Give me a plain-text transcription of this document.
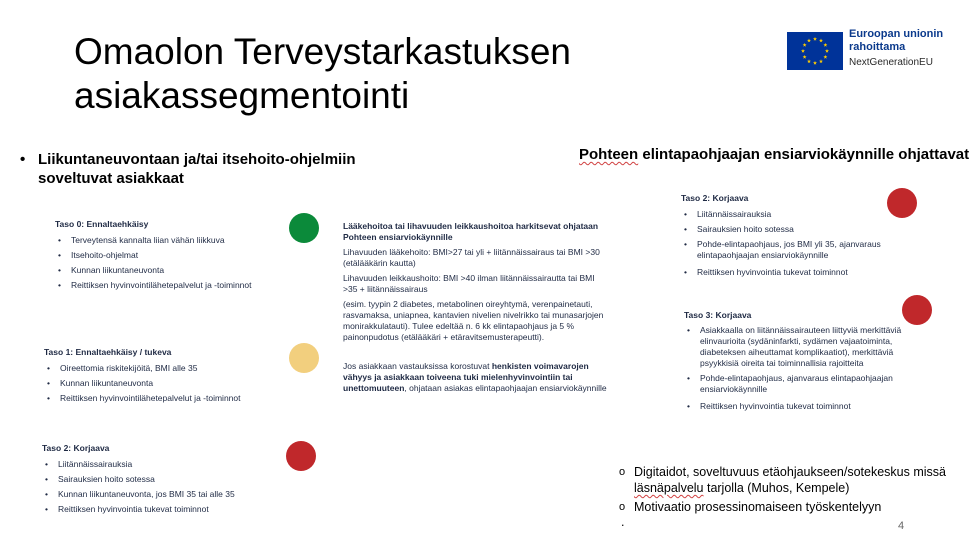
Omaolon Terveystarkastuksen
asiakassegmentointi
Euroopan unionin
rahoittama
NextGenerationEU
• Liikuntaneuvontaan ja/tai itsehoito-ohjelmiin soveltuvat asiakkaat
Taso 0: Ennaltaehkäisy
• Terveytensä kannalta liian vähän liikkuva
• Itsehoito-ohjelmat
• Kunnan liikuntaneuvonta
• Reittiksen hyvinvointilähetepalvelut ja -toiminnot
Taso 1: Ennaltaehkäisy / tukeva
• Oireettomia riskitekijöitä, BMI alle 35
• Kunnan liikuntaneuvonta
• Reittiksen hyvinvointilähetepalvelut ja -toiminnot
Taso 2: Korjaava
• Liitännäissairauksia
• Sairauksien hoito sotessa
• Kunnan liikuntaneuvonta, jos BMI 35 tai alle 35
• Reittiksen hyvinvointia tukevat toiminnot

Lääkehoitoa tai lihavuuden leikkaushoitoa harkitsevat ohjataan Pohteen ensiarviokäynnille

Lihavuuden lääkehoito: BMI>27 tai yli + liitännäissairaus tai BMI >30 (etälääkärin kautta)

Lihavuuden leikkaushoito: BMI >40 ilman liitännäissairautta tai BMI >35 + liitännäissairaus

(esim. tyypin 2 diabetes, metabolinen oireyhtymä, verenpainetauti, rasvamaksa, uniapnea, kantavien nivelien nivelrikko tai munasarjojen monirakkulatauti). Tulee edeltää n. 6 kk elintapaohjaus ja 5 % painonpudotus (etälääkäri + etäravitsemusterapeutti).

Jos asiakkaan vastauksissa korostuvat henkisten voimavarojen vähyys ja asiakkaan toiveena tuki mielenhyvinvointiin tai unettomuuteen, ohjataan asiakas elintapaohjaajan ensiarviokäynnille

Pohteen elintapaohjaajan ensiarviokäynnille ohjattavat
Taso 2: Korjaava
• Liitännäissairauksia
• Sairauksien hoito sotessa
• Pohde-elintapaohjaus, jos BMI yli 35, ajanvaraus elintapaohjaajan ensiarviokäynnille
• Reittiksen hyvinvointia tukevat toiminnot
Taso 3: Korjaava
• Asiakkaalla on liitännäissairauteen liittyviä merkittäviä elinvaurioita (sydäninfarkti, sydämen vajaatoiminta, diabeteksen aiheuttamat komplikaatiot), merkittäviä psyykkisiä oireita tai toiminnallisia rajoitteita
• Pohde-elintapaohjaus, ajanvaraus elintapaohjaajan ensiarviokäynnille
• Reittiksen hyvinvointia tukevat toiminnot
o Digitaidot, soveltuvuus etäohjaukseen/sotekeskus missä läsnäpalvelu tarjolla (Muhos, Kempele)
o Motivaatio prosessinomaiseen työskentelyyn
.	4
